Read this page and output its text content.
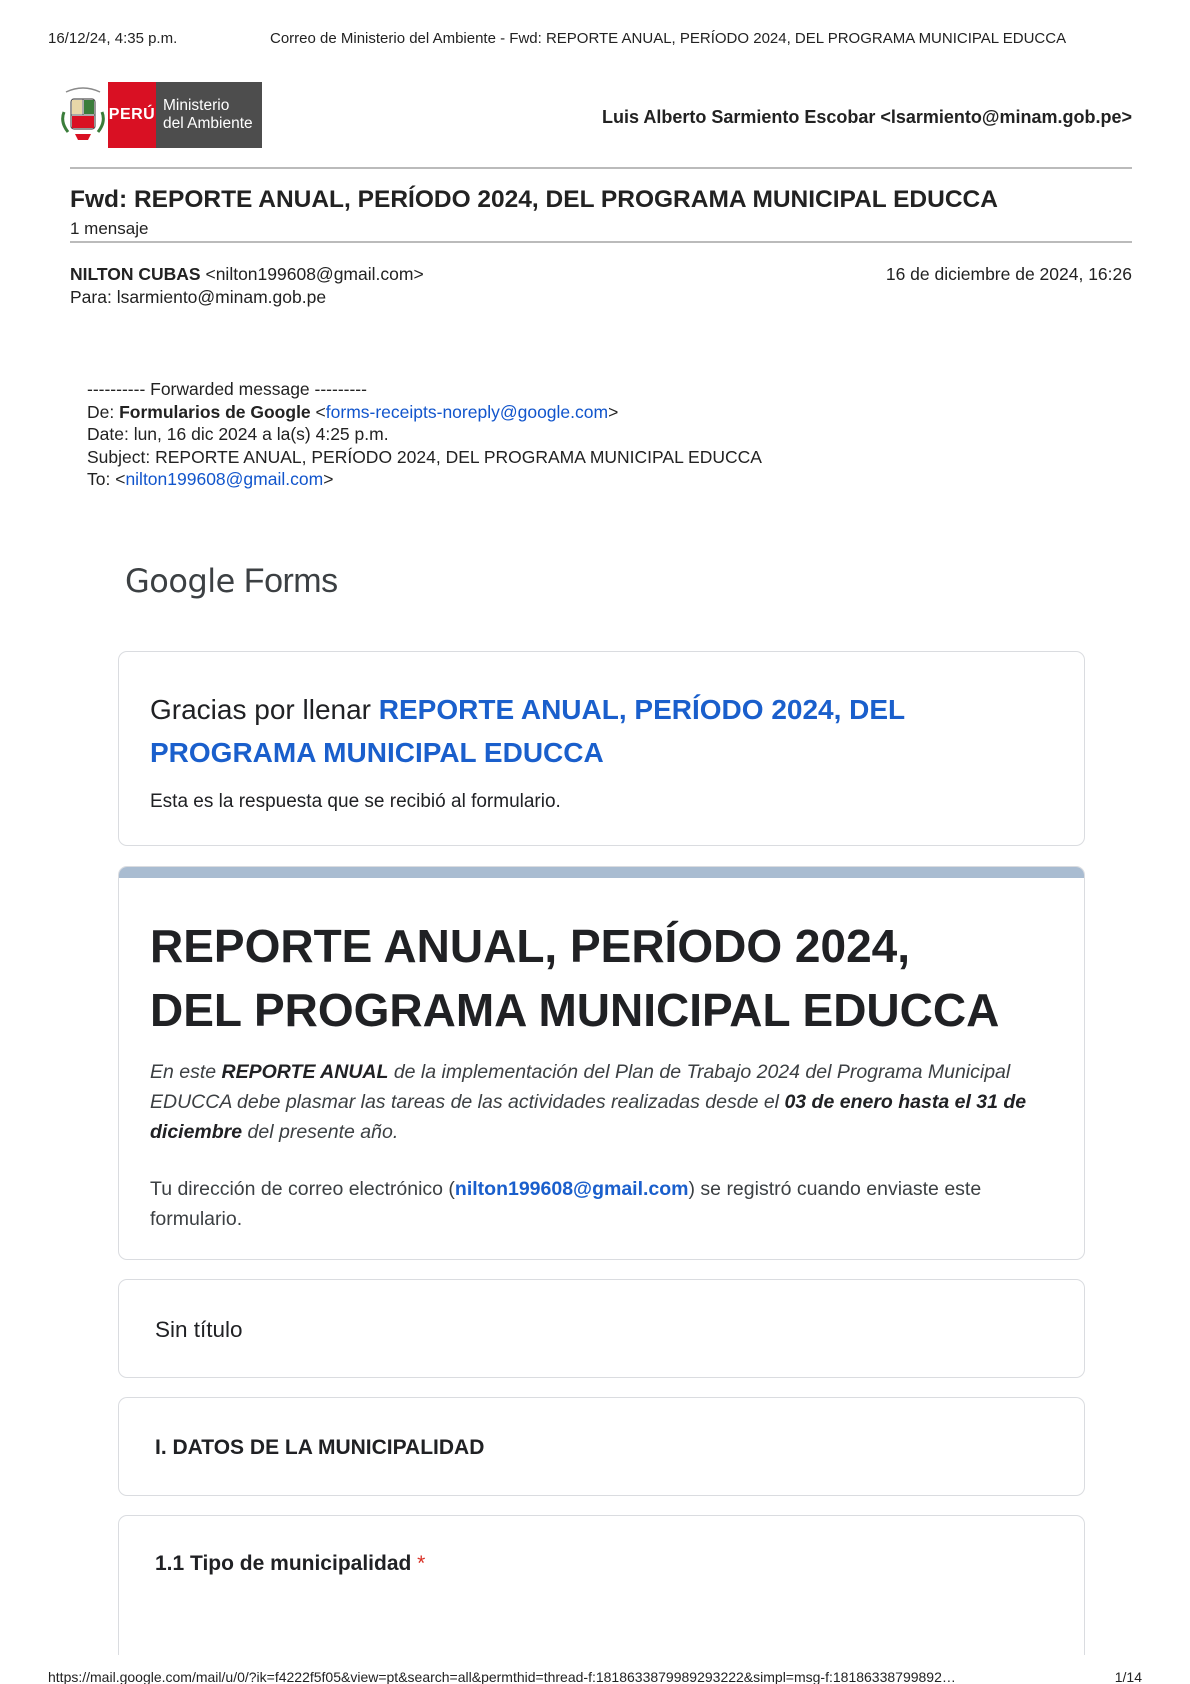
16/12/24, 4:35 p.m.	Correo de Ministerio del Ambiente - Fwd: REPORTE ANUAL, PERÍODO 2024, DEL PROGRAMA MUNICIPAL EDUCCA
PERÚ
Ministerio
del Ambiente	Luis Alberto Sarmiento Escobar <lsarmiento@minam.gob.pe>
Fwd: REPORTE ANUAL, PERÍODO 2024, DEL PROGRAMA MUNICIPAL EDUCCA
1 mensaje
NILTON CUBAS <nilton199608@gmail.com>	16 de diciembre de 2024, 16:26
Para: lsarmiento@minam.gob.pe
---------- Forwarded message ---------
De: Formularios de Google <forms-receipts-noreply@google.com>
Date: lun, 16 dic 2024 a la(s) 4:25 p.m.
Subject: REPORTE ANUAL, PERÍODO 2024, DEL PROGRAMA MUNICIPAL EDUCCA
To: <nilton199608@gmail.com>
Google Forms
Gracias por llenar REPORTE ANUAL, PERÍODO 2024, DEL PROGRAMA MUNICIPAL EDUCCA
Esta es la respuesta que se recibió al formulario.
REPORTE ANUAL, PERÍODO 2024,
DEL PROGRAMA MUNICIPAL EDUCCA
En este REPORTE ANUAL de la implementación del Plan de Trabajo 2024 del Programa Municipal EDUCCA debe plasmar las tareas de las actividades realizadas desde el 03 de enero hasta el 31 de diciembre del presente año.
Tu dirección de correo electrónico (nilton199608@gmail.com) se registró cuando enviaste este formulario.
Sin título
I. DATOS DE LA MUNICIPALIDAD
1.1 Tipo de municipalidad *
https://mail.google.com/mail/u/0/?ik=f4222f5f05&view=pt&search=all&permthid=thread-f:1818633879989293222&simpl=msg-f:18186338799892…	1/14
